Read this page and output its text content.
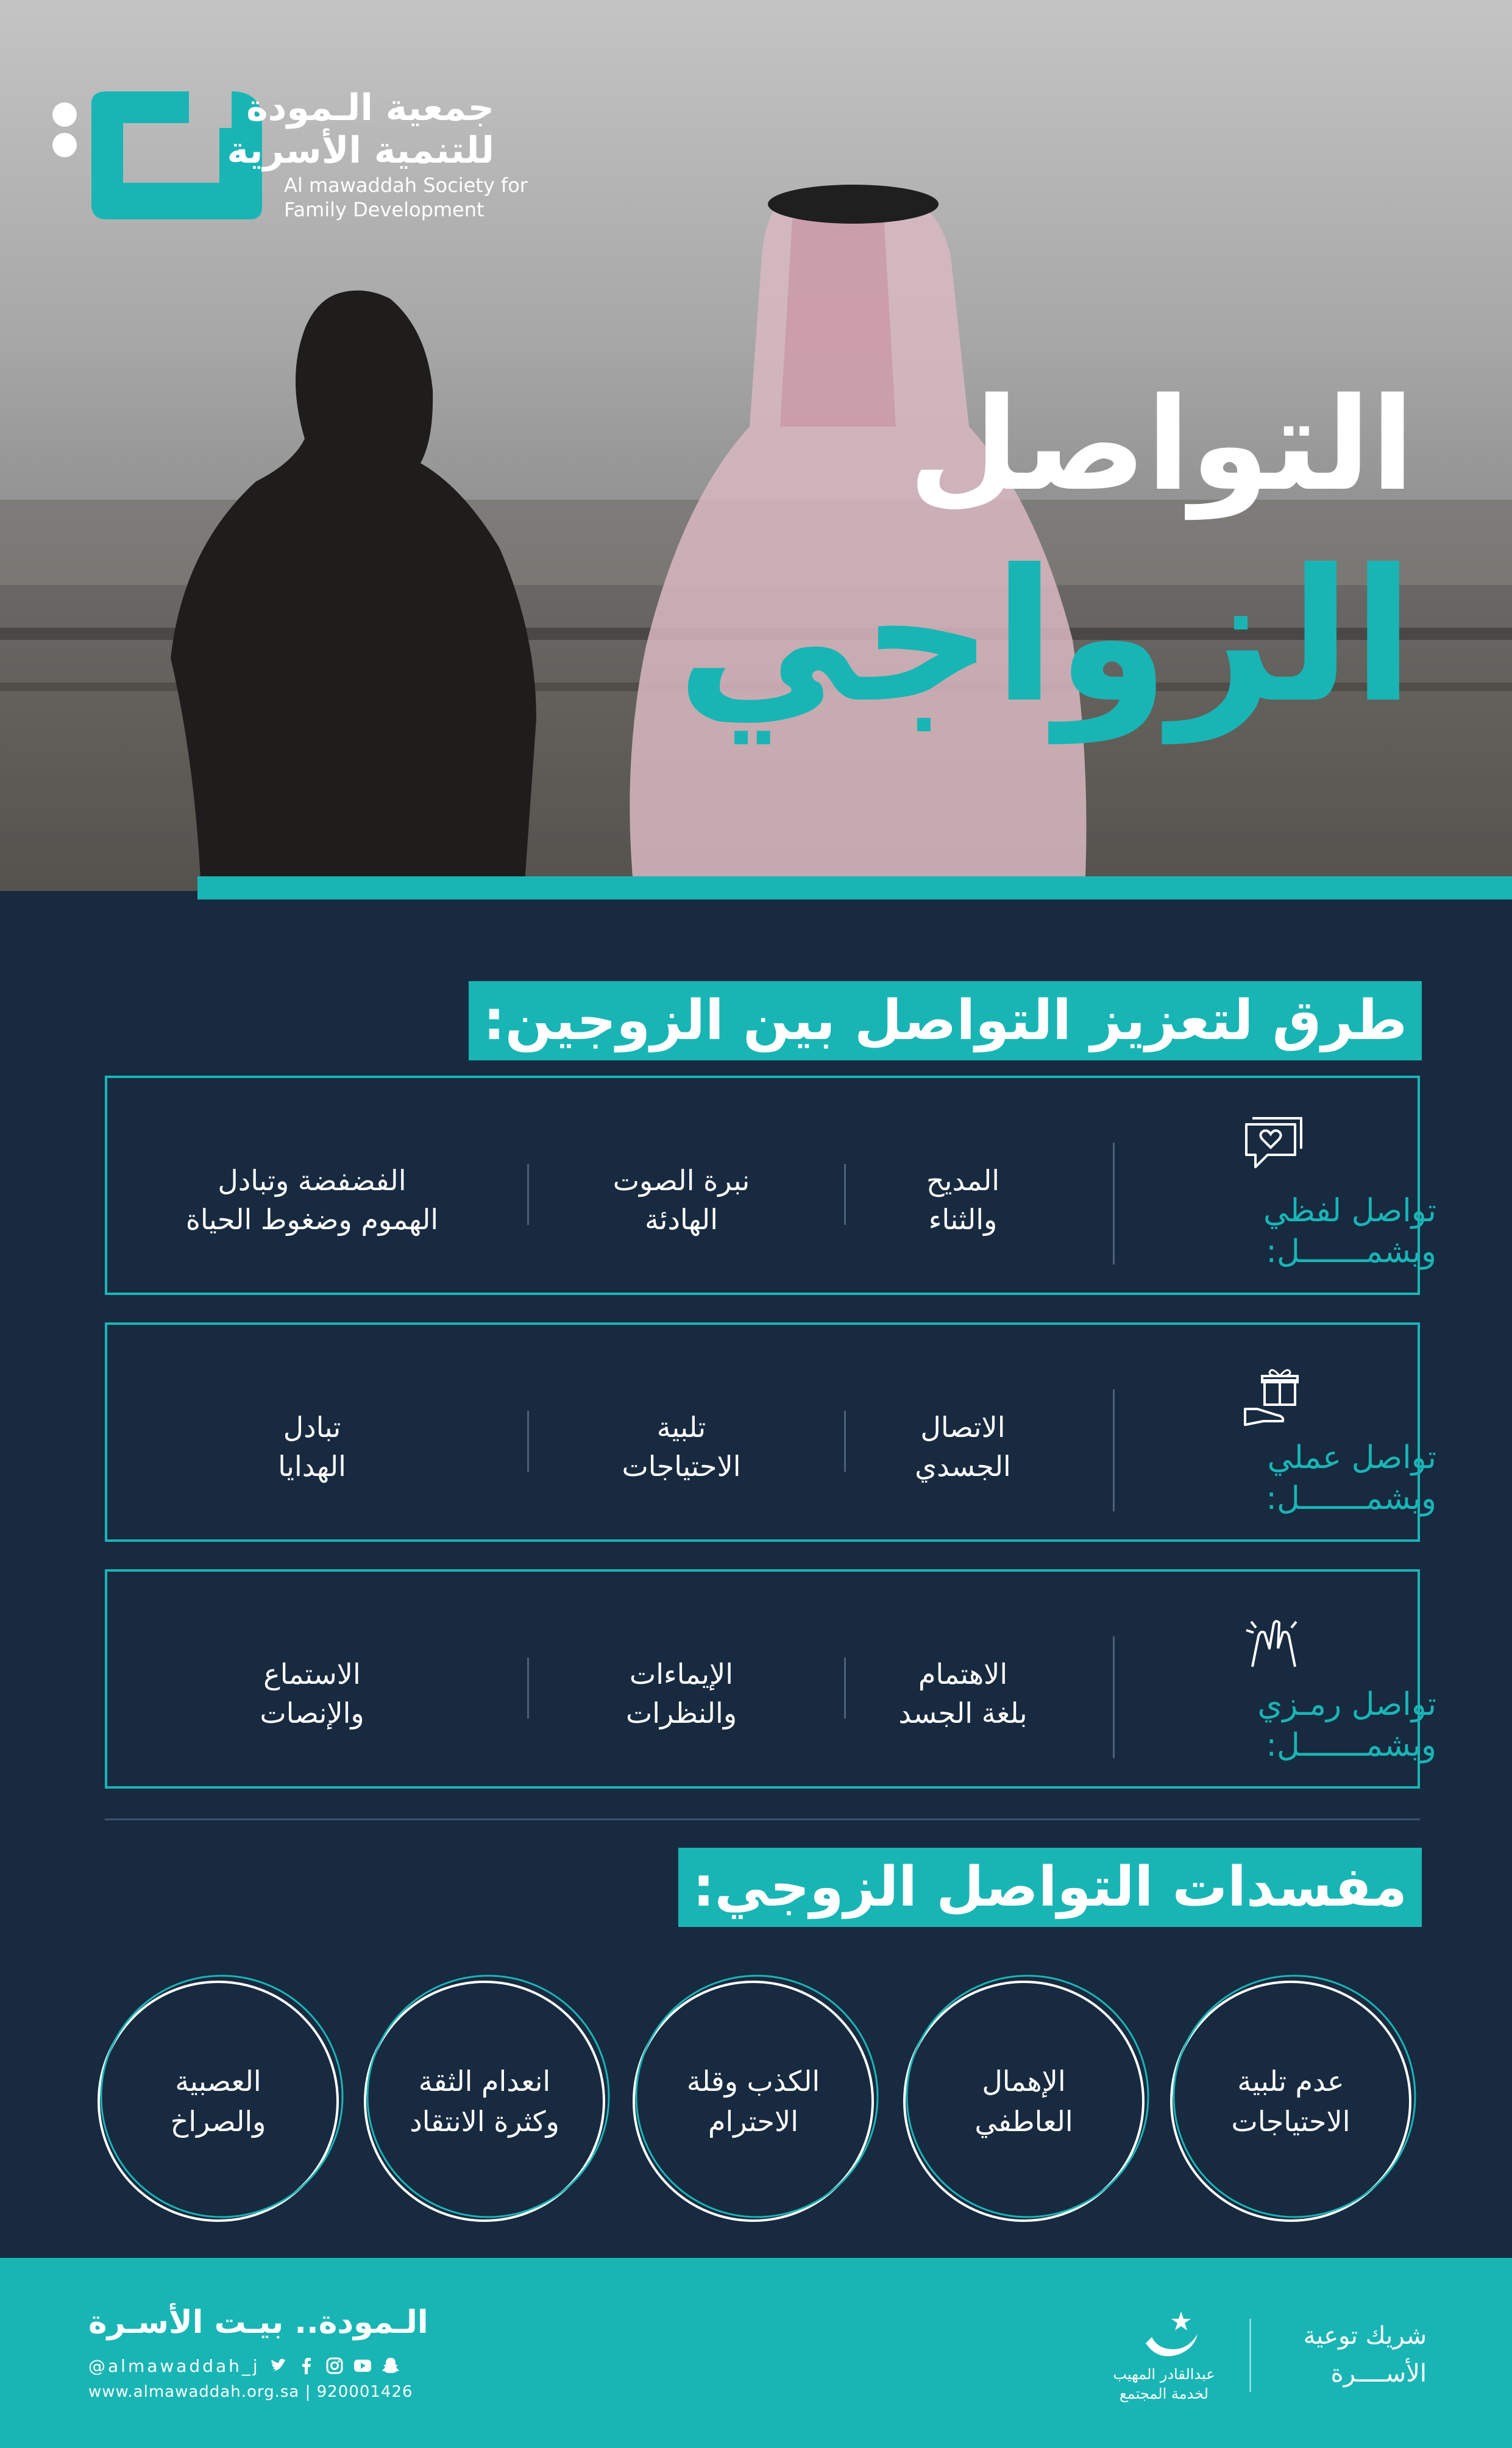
جمعية الـمودة
للتنمية الأسرية
Al mawaddah Society for
Family Development
التواصل
الزواجي
طرق لتعزيز التواصل بين الزوجين:
تواصل لفظي
ويشمـــــــل:
المديح
والثناء
نبرة الصوت
الهادئة
الفضفضة وتبادل
الهموم وضغوط الحياة
تواصل عملي
ويشمـــــــل:
الاتصال
الجسدي
تلبية
الاحتياجات
تبادل
الهدايا
تواصل رمـزي
ويشمـــــــل:
الاهتمام
بلغة الجسد
الإيماءات
والنظرات
الاستماع
والإنصات
مفسدات التواصل الزوجي:
عدم تلبية
الاحتياجات
الإهمال
العاطفي
الكذب وقلة
الاحترام
انعدام الثقة
وكثرة الانتقاد
العصبية
والصراخ
الـمودة.. بيـت الأسـرة
@almawaddah_j
www.almawaddah.org.sa | 920001426
شريك توعية
الأســــرة
عبدالقادر المهيب
لخدمة المجتمع
